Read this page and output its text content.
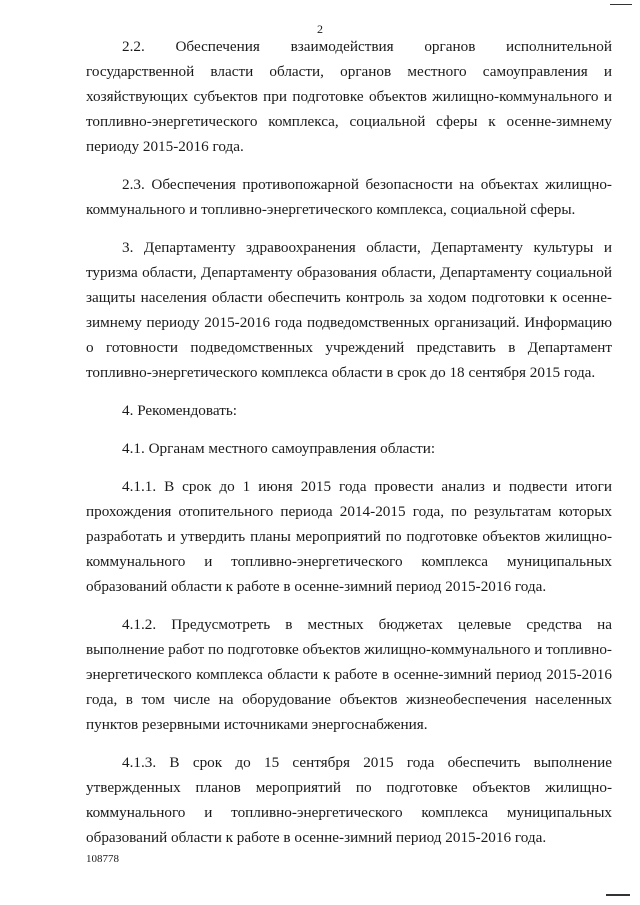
2

2.2. Обеспечения взаимодействия органов исполнительной государственной власти области, органов местного самоуправления и хозяйствующих субъектов при подготовке объектов жилищно-коммунального и топливно-энергетического комплекса, социальной сферы к осенне-зимнему периоду 2015-2016 года.

2.3. Обеспечения противопожарной безопасности на объектах жилищно-коммунального и топливно-энергетического комплекса, социальной сферы.

3. Департаменту здравоохранения области, Департаменту культуры и туризма области, Департаменту образования области, Департаменту социальной защиты населения области обеспечить контроль за ходом подготовки к осенне-зимнему периоду 2015-2016 года подведомственных организаций. Информацию о готовности подведомственных учреждений представить в Департамент топливно-энергетического комплекса области в срок до 18 сентября 2015 года.

4. Рекомендовать:

4.1. Органам местного самоуправления области:

4.1.1. В срок до 1 июня 2015 года провести анализ и подвести итоги прохождения отопительного периода 2014-2015 года, по результатам которых разработать и утвердить планы мероприятий по подготовке объектов жилищно-коммунального и топливно-энергетического комплекса муниципальных образований области к работе в осенне-зимний период 2015-2016 года.

4.1.2. Предусмотреть в местных бюджетах целевые средства на выполнение работ по подготовке объектов жилищно-коммунального и топливно-энергетического комплекса области к работе в осенне-зимний период 2015-2016 года, в том числе на оборудование объектов жизнеобеспечения населенных пунктов резервными источниками энергоснабжения.

4.1.3. В срок до 15 сентября 2015 года обеспечить выполнение утвержденных планов мероприятий по подготовке объектов жилищно-коммунального и топливно-энергетического комплекса муниципальных образований области к работе в осенне-зимний период 2015-2016 года.

108778
